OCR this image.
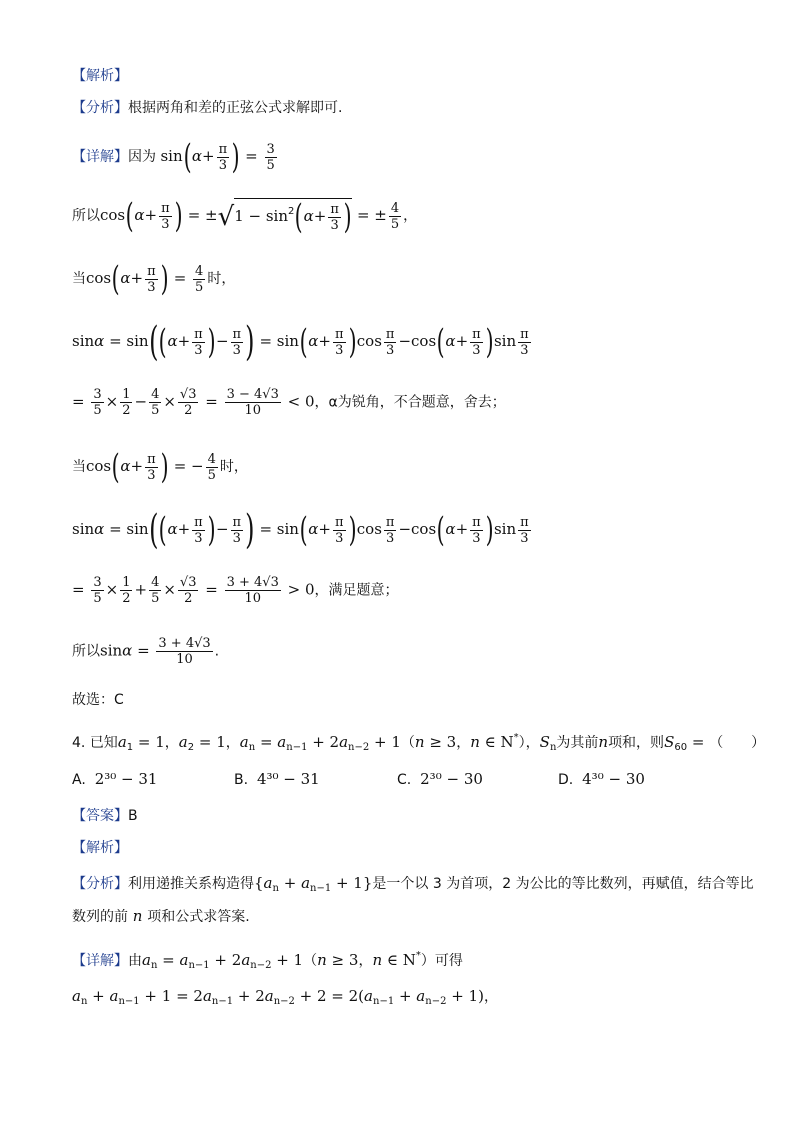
【解析】
【分析】根据两角和差的正弦公式求解即可.
【详解】因为 $\sin(\alpha+ \frac{\pi}{3}$ ) = $\frac{3}{5}$
所以$\cos(\alpha+ \frac{\pi}{3}$ ) = $\pm√1 - \sin^2(\alpha+ \frac{\pi}{3}$ ) = ± $\frac{4}{5}$ ，
当$\cos(\alpha+ \frac{\pi}{3}$ ) = $\frac{4}{5}$ 时，
$\sin\alpha = \sin((\alpha+ \frac{\pi}{3}$ )− $\frac{\pi}{3}$ ) = $\sin(\alpha+ \frac{\pi}{3} )\cos \frac{\pi}{3} -\cos(\alpha+ \frac{\pi}{3} )\sin \frac{\pi}{3}$
= $\frac{3}{5} \times \frac{1}{2} - \frac{4}{5} \times \frac{√3}{2} = \frac{3 - 4√3}{10} < 0$，α为锐角，不合题意，舍去；
当$\cos(\alpha+ \frac{\pi}{3}$ ) = − $\frac{4}{5}$ 时，
$\sin\alpha = \sin((\alpha+ \frac{\pi}{3}$ )− $\frac{\pi}{3}$ ) = $\sin(\alpha+ \frac{\pi}{3} )\cos \frac{\pi}{3} -\cos(\alpha+ \frac{\pi}{3} )\sin \frac{\pi}{3}$
= $\frac{3}{5} \times \frac{1}{2} + \frac{4}{5} \times \frac{√3}{2} = \frac{3 + 4√3}{10} > 0$，满足题意；
所以$\sin\alpha = \frac{3 + 4√3}{10}$ .
故选：C
4. 已知$a_1 = 1$，$a_2 = 1$，$a_n = a_{n-1} + 2a_{n-2} + 1(n \ge 3$，n ∈ N*），$S_n$为其前n项和，则$S_{60}$ = （　　）
A. 2³⁰ − 31	B. 4³⁰ − 31	C. 2³⁰ − 30	D. 4³⁰ − 30
【答案】B
【解析】
【分析】利用递推关系构造得$\{a_n + a_{n-1} + 1\}$是一个以 3 为首项，2 为公比的等比数列，再赋值，结合等比
数列的前 n 项和公式求答案.
【详解】由$a_n = a_{n-1} + 2a_{n-2} + 1(n \ge 3$，n ∈ N*）可得
$a_n + a_{n-1} + 1 = 2a_{n-1} + 2a_{n-2} + 2 = 2(a_{n-1} + a_{n-2} + 1)$，
